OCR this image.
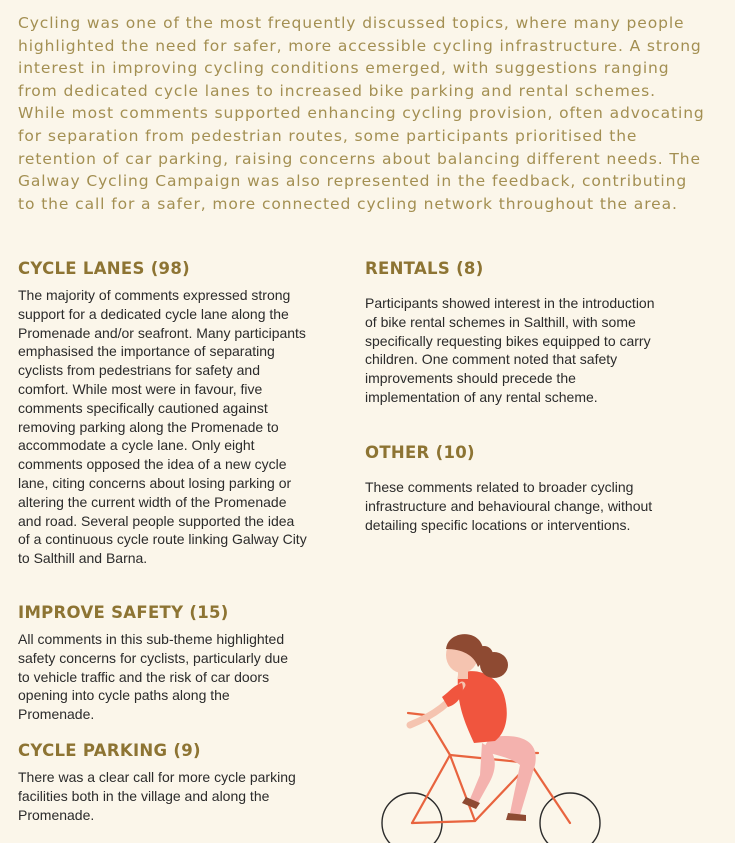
Cycling was one of the most frequently discussed topics, where many people highlighted the need for safer, more accessible cycling infrastructure. A strong interest in improving cycling conditions emerged, with suggestions ranging from dedicated cycle lanes to increased bike parking and rental schemes. While most comments supported enhancing cycling provision, often advocating for separation from pedestrian routes, some participants prioritised the retention of car parking, raising concerns about balancing different needs. The Galway Cycling Campaign was also represented in the feedback, contributing to the call for a safer, more connected cycling network throughout the area.

CYCLE LANES (98)

The majority of comments expressed strong support for a dedicated cycle lane along the Promenade and/or seafront. Many participants emphasised the importance of separating cyclists from pedestrians for safety and comfort. While most were in favour, five comments specifically cautioned against removing parking along the Promenade to accommodate a cycle lane. Only eight comments opposed the idea of a new cycle lane, citing concerns about losing parking or altering the current width of the Promenade and road. Several people supported the idea of a continuous cycle route linking Galway City to Salthill and Barna.

IMPROVE SAFETY (15)

All comments in this sub-theme highlighted safety concerns for cyclists, particularly due to vehicle traffic and the risk of car doors opening into cycle paths along the Promenade.

CYCLE PARKING (9)

There was a clear call for more cycle parking facilities both in the village and along the Promenade.

RENTALS (8)

Participants showed interest in the introduction of bike rental schemes in Salthill, with some specifically requesting bikes equipped to carry children. One comment noted that safety improvements should precede the implementation of any rental scheme.

OTHER (10)

These comments related to broader cycling infrastructure and behavioural change, without detailing specific locations or interventions.
